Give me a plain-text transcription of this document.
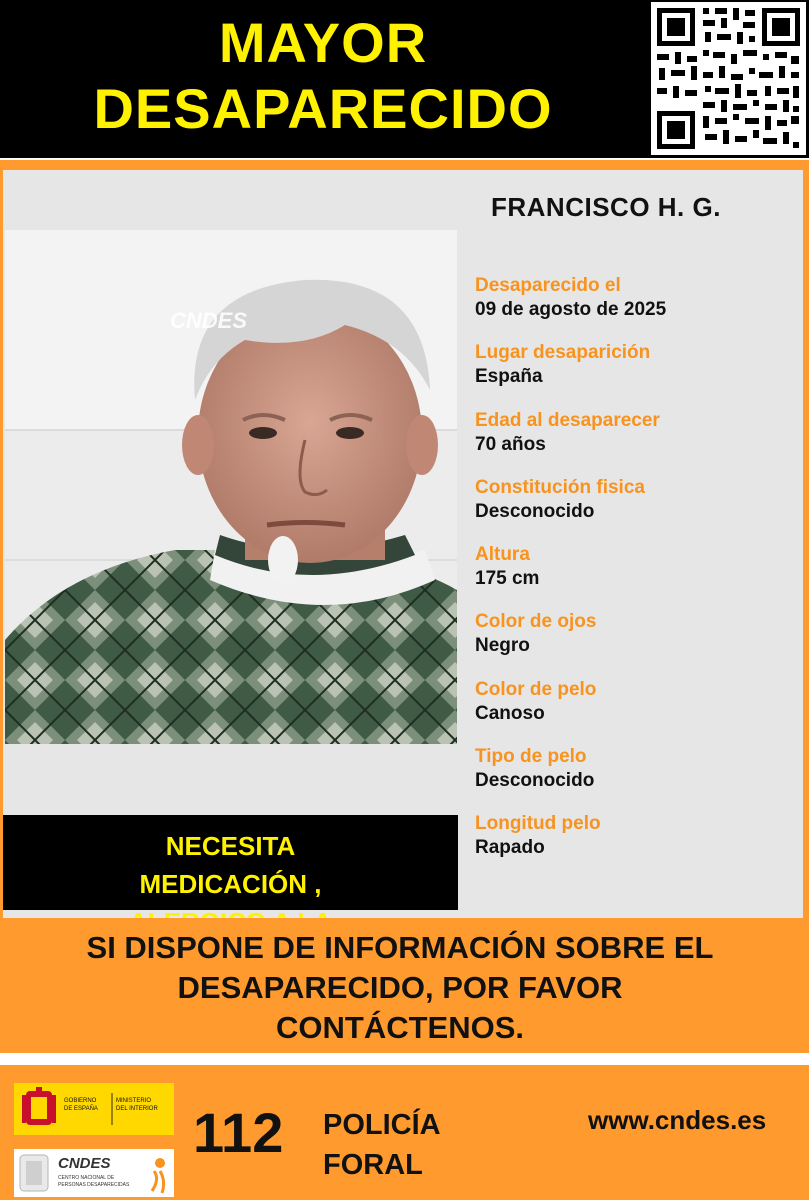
MAYOR
DESAPARECIDO
CNDES
FRANCISCO H. G.
Desaparecido el
09 de agosto de 2025
Lugar desaparición
España
Edad al desaparecer
70 años
Constitución fisica
Desconocido
Altura
175 cm
Color de ojos
Negro
Color de pelo
Canoso
Tipo de pelo
Desconocido
Longitud pelo
Rapado
NECESITA
MEDICACIÓN ,
SI DISPONE DE INFORMACIÓN SOBRE EL
DESAPARECIDO, POR FAVOR
CONTÁCTENOS.
GOBIERNO
DE ESPAÑA
MINISTERIO
DEL INTERIOR
CNDES
CENTRO NACIONAL DE
PERSONAS DESAPARECIDAS
112 POLICÍA
FORAL
www.cndes.es
